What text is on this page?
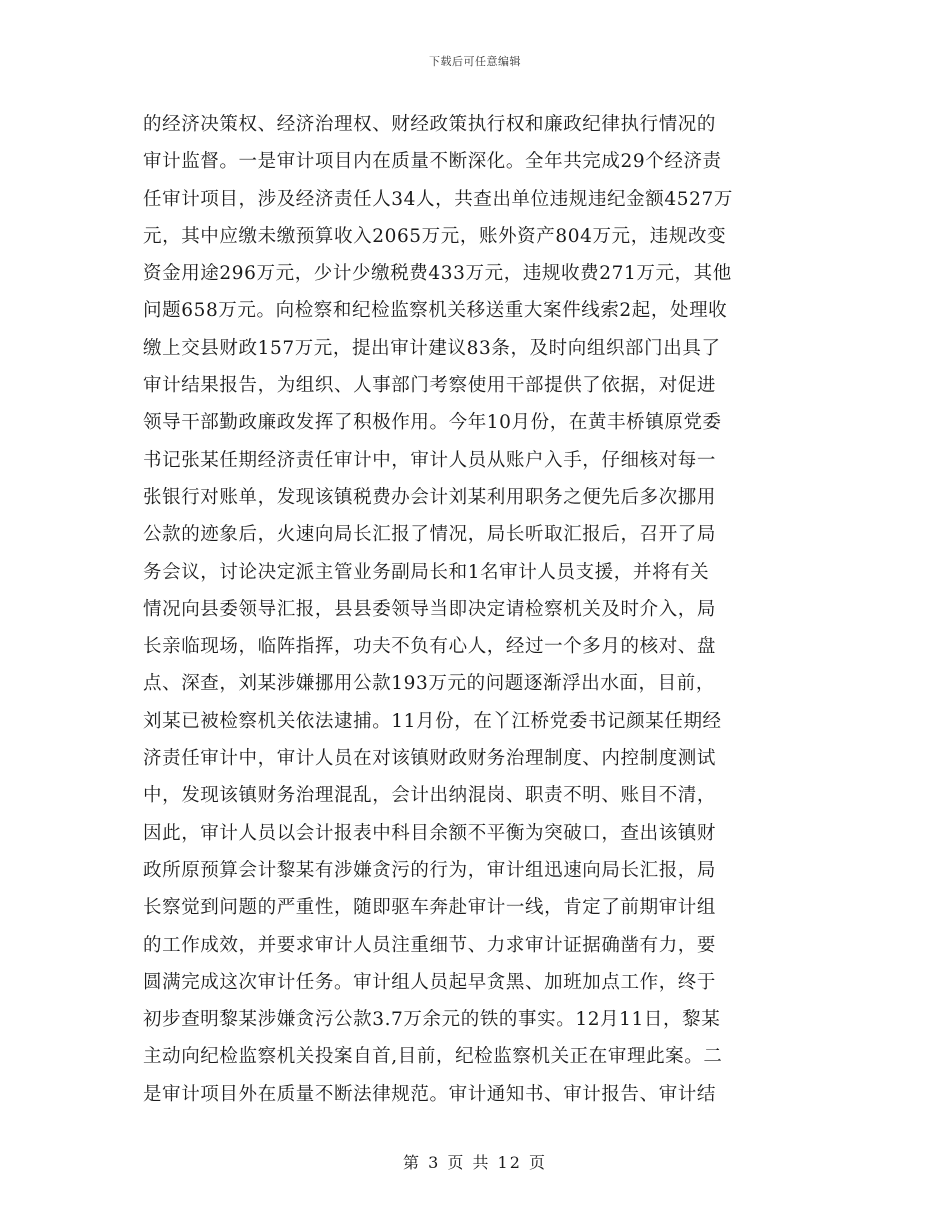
下载后可任意编辑
的经济决策权、经济治理权、财经政策执行权和廉政纪律执行情况的
审计监督。一是审计项目内在质量不断深化。全年共完成29个经济责
任审计项目，涉及经济责任人34人，共查出单位违规违纪金额4527万
元，其中应缴未缴预算收入2065万元，账外资产804万元，违规改变
资金用途296万元，少计少缴税费433万元，违规收费271万元，其他
问题658万元。向检察和纪检监察机关移送重大案件线索2起，处理收
缴上交县财政157万元，提出审计建议83条，及时向组织部门出具了
审计结果报告，为组织、人事部门考察使用干部提供了依据，对促进
领导干部勤政廉政发挥了积极作用。今年10月份，在黄丰桥镇原党委
书记张某任期经济责任审计中，审计人员从账户入手，仔细核对每一
张银行对账单，发现该镇税费办会计刘某利用职务之便先后多次挪用
公款的迹象后，火速向局长汇报了情况，局长听取汇报后，召开了局
务会议，讨论决定派主管业务副局长和1名审计人员支援，并将有关
情况向县委领导汇报，县县委领导当即决定请检察机关及时介入，局
长亲临现场，临阵指挥，功夫不负有心人，经过一个多月的核对、盘
点、深查，刘某涉嫌挪用公款193万元的问题逐渐浮出水面，目前，
刘某已被检察机关依法逮捕。11月份，在丫江桥党委书记颜某任期经
济责任审计中，审计人员在对该镇财政财务治理制度、内控制度测试
中，发现该镇财务治理混乱，会计出纳混岗、职责不明、账目不清，
因此，审计人员以会计报表中科目余额不平衡为突破口，查出该镇财
政所原预算会计黎某有涉嫌贪污的行为，审计组迅速向局长汇报，局
长察觉到问题的严重性，随即驱车奔赴审计一线，肯定了前期审计组
的工作成效，并要求审计人员注重细节、力求审计证据确凿有力，要
圆满完成这次审计任务。审计组人员起早贪黑、加班加点工作，终于
初步查明黎某涉嫌贪污公款3.7万余元的铁的事实。12月11日，黎某
主动向纪检监察机关投案自首,目前，纪检监察机关正在审理此案。二
是审计项目外在质量不断法律规范。审计通知书、审计报告、审计结
第 3 页 共 12 页
